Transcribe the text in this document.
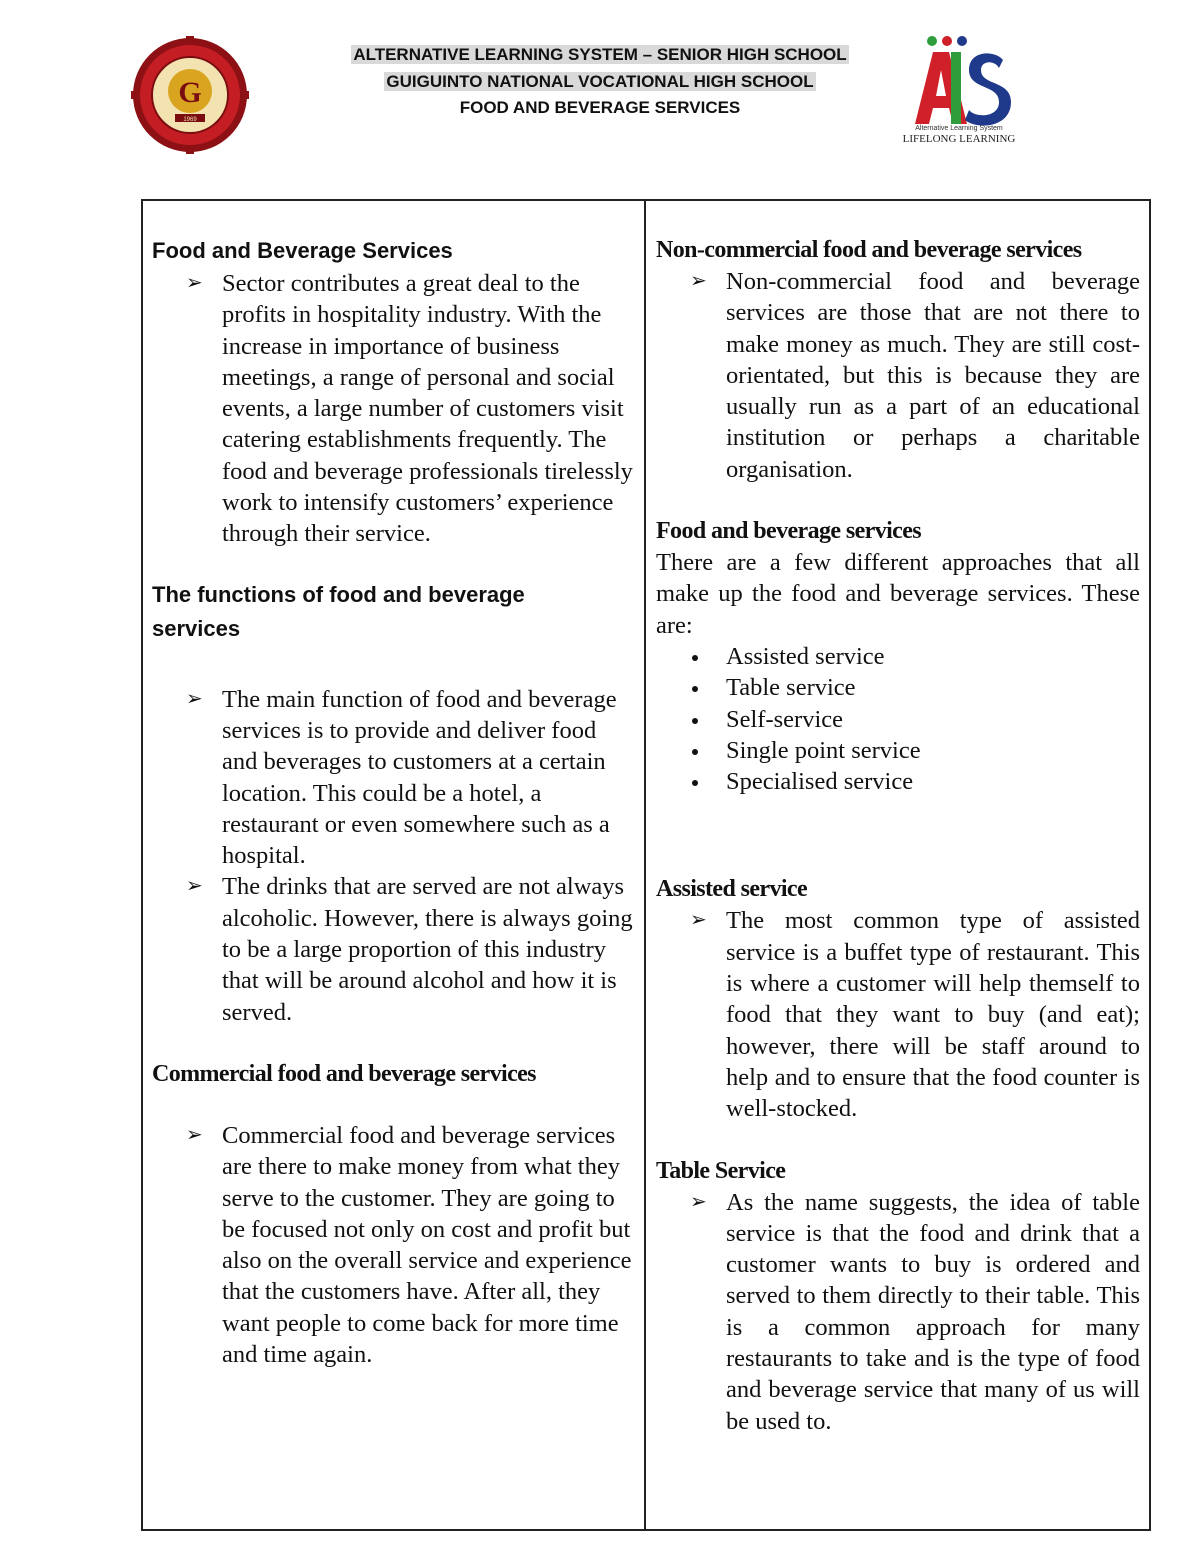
G
1969
ALTERNATIVE LEARNING SYSTEM – SENIOR HIGH SCHOOL
GUIGUINTO NATIONAL VOCATIONAL HIGH SCHOOL
FOOD AND BEVERAGE SERVICES
Alternative Learning System
LIFELONG LEARNING
Food and Beverage Services
➢ Sector contributes a great deal to the profits in hospitality industry. With the increase in importance of business meetings, a range of personal and social events, a large number of customers visit catering establishments frequently. The food and beverage professionals tirelessly work to intensify customers’ experience through their service.
The functions of food and beverage services
➢ The main function of food and beverage services is to provide and deliver food and beverages to customers at a certain location. This could be a hotel, a restaurant or even somewhere such as a hospital.
➢ The drinks that are served are not always alcoholic. However, there is always going to be a large proportion of this industry that will be around alcohol and how it is served.
Commercial food and beverage services
➢ Commercial food and beverage services are there to make money from what they serve to the customer. They are going to be focused not only on cost and profit but also on the overall service and experience that the customers have. After all, they want people to come back for more time and time again.
Non-commercial food and beverage services
➢ Non-commercial food and beverage services are those that are not there to make money as much. They are still cost-orientated, but this is because they are usually run as a part of an educational institution or perhaps a charitable organisation.
Food and beverage services
There are a few different approaches that all make up the food and beverage services. These are:
Assisted service
Table service
Self-service
Single point service
Specialised service
Assisted service
➢ The most common type of assisted service is a buffet type of restaurant. This is where a customer will help themself to food that they want to buy (and eat); however, there will be staff around to help and to ensure that the food counter is well-stocked.
Table Service
➢ As the name suggests, the idea of table service is that the food and drink that a customer wants to buy is ordered and served to them directly to their table. This is a common approach for many restaurants to take and is the type of food and beverage service that many of us will be used to.
